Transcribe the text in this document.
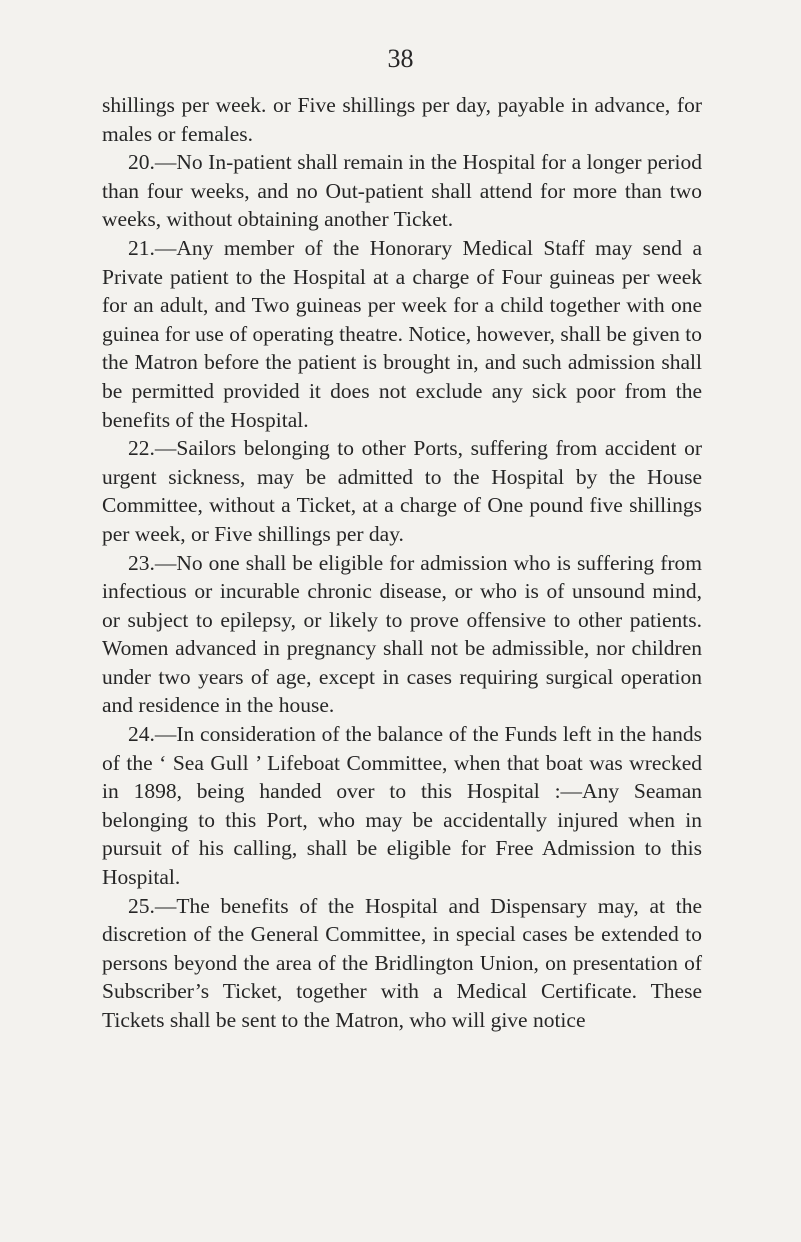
38

shillings per week. or Five shillings per day, payable in advance, for males or females.

20.—No In-patient shall remain in the Hospital for a longer period than four weeks, and no Out-patient shall attend for more than two weeks, without obtaining another Ticket.

21.—Any member of the Honorary Medical Staff may send a Private patient to the Hospital at a charge of Four guineas per week for an adult, and Two guineas per week for a child together with one guinea for use of operating theatre. Notice, however, shall be given to the Matron before the patient is brought in, and such admission shall be permitted provided it does not exclude any sick poor from the benefits of the Hospital.

22.—Sailors belonging to other Ports, suffering from accident or urgent sickness, may be admitted to the Hospital by the House Committee, without a Ticket, at a charge of One pound five shillings per week, or Five shillings per day.

23.—No one shall be eligible for admission who is suffering from infectious or incurable chronic disease, or who is of unsound mind, or subject to epilepsy, or likely to prove offensive to other patients. Women advanced in pregnancy shall not be admissible, nor children under two years of age, except in cases requiring surgical operation and residence in the house.

24.—In consideration of the balance of the Funds left in the hands of the ‘ Sea Gull ’ Lifeboat Committee, when that boat was wrecked in 1898, being handed over to this Hospital :—Any Seaman belonging to this Port, who may be accidentally injured when in pursuit of his calling, shall be eligible for Free Admission to this Hospital.

25.—The benefits of the Hospital and Dispensary may, at the discretion of the General Committee, in special cases be extended to persons beyond the area of the Bridlington Union, on presentation of Subscriber’s Ticket, together with a Medical Certificate. These Tickets shall be sent to the Matron, who will give notice
